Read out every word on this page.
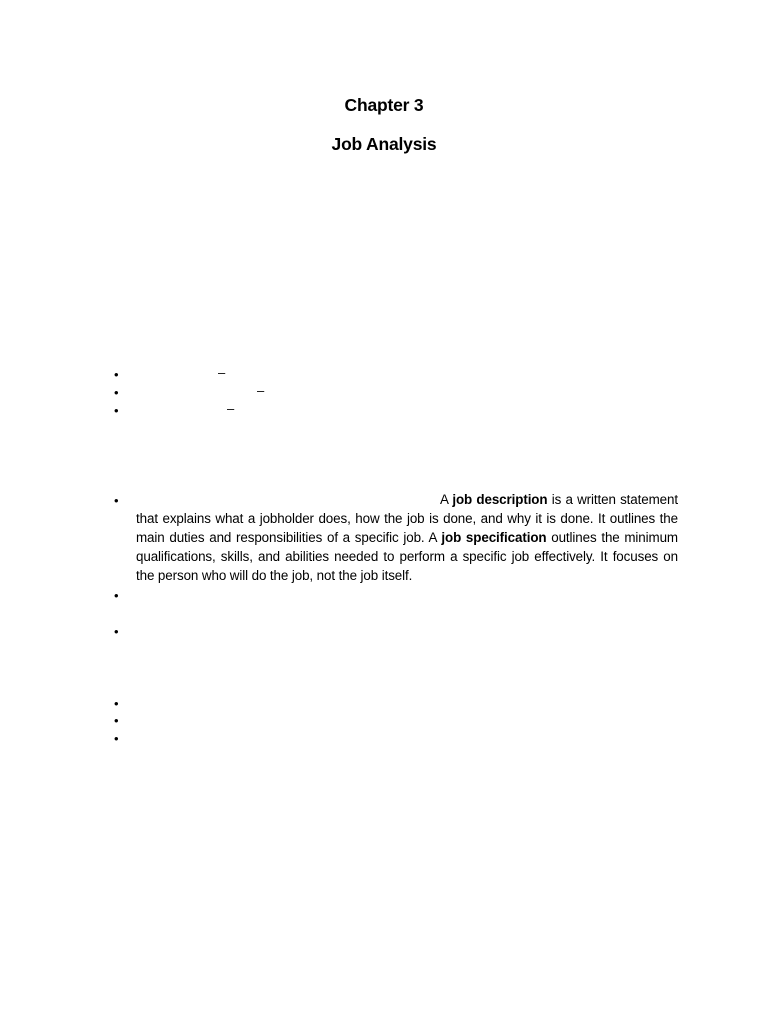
Chapter 3
Job Analysis
•	–
•	–
•	–
•	A job description is a written statement that explains what a jobholder does, how the job is done, and why it is done. It outlines the main duties and responsibilities of a specific job. A job specification outlines the minimum qualifications, skills, and abilities needed to perform a specific job effectively. It focuses on the person who will do the job, not the job itself.
•
•
•
•
•
